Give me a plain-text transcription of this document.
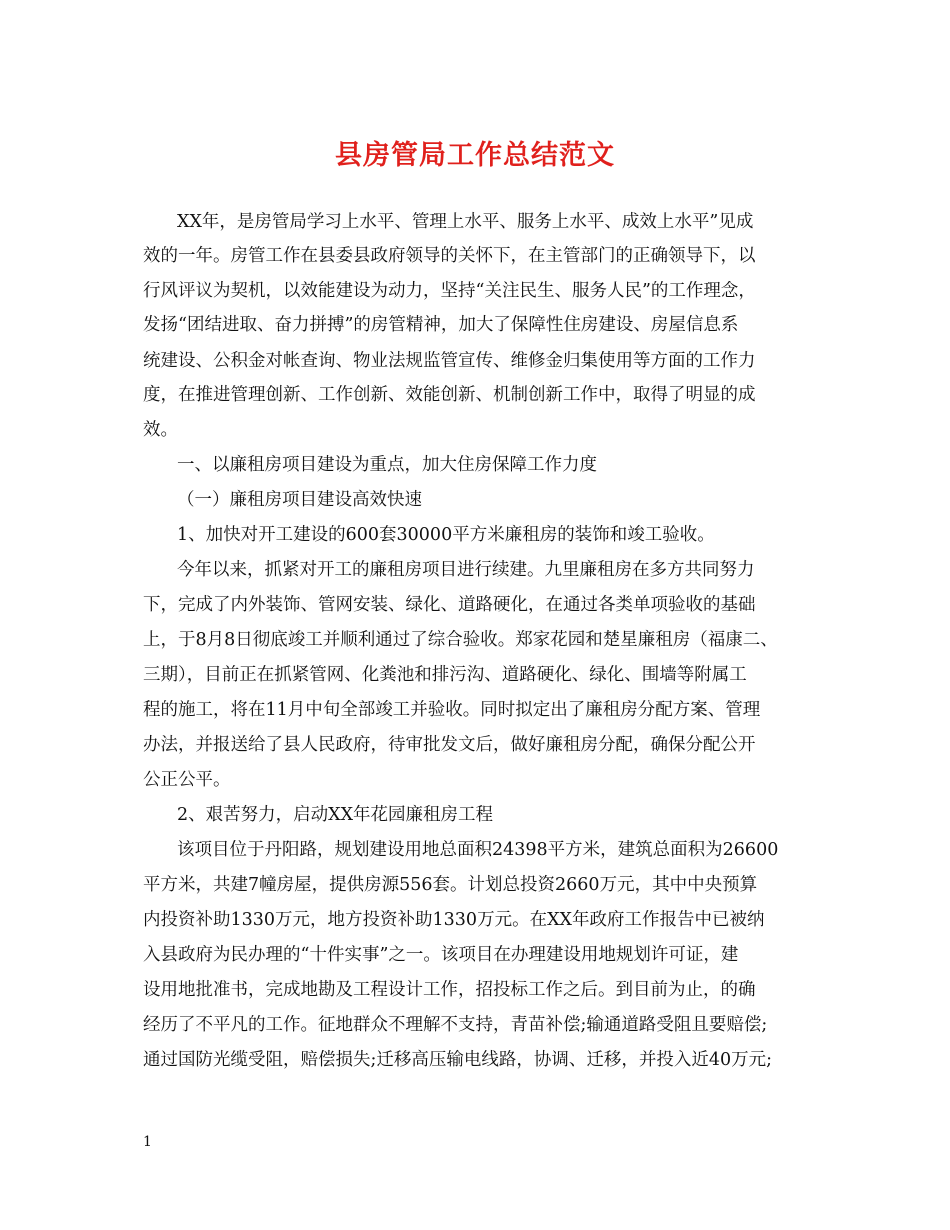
县房管局工作总结范文

XX年，是房管局学习上水平、管理上水平、服务上水平、成效上水平”见成

效的一年。房管工作在县委县政府领导的关怀下，在主管部门的正确领导下，以

行风评议为契机，以效能建设为动力，坚持“关注民生、服务人民”的工作理念，

发扬“团结进取、奋力拼搏”的房管精神，加大了保障性住房建设、房屋信息系

统建设、公积金对帐查询、物业法规监管宣传、维修金归集使用等方面的工作力

度，在推进管理创新、工作创新、效能创新、机制创新工作中，取得了明显的成

效。

一、以廉租房项目建设为重点，加大住房保障工作力度

（一）廉租房项目建设高效快速

1、加快对开工建设的600套30000平方米廉租房的装饰和竣工验收。

今年以来，抓紧对开工的廉租房项目进行续建。九里廉租房在多方共同努力

下，完成了内外装饰、管网安装、绿化、道路硬化，在通过各类单项验收的基础

上，于8月8日彻底竣工并顺利通过了综合验收。郑家花园和楚星廉租房（福康二、

三期），目前正在抓紧管网、化粪池和排污沟、道路硬化、绿化、围墙等附属工

程的施工，将在11月中旬全部竣工并验收。同时拟定出了廉租房分配方案、管理

办法，并报送给了县人民政府，待审批发文后，做好廉租房分配，确保分配公开

公正公平。

2、艰苦努力，启动XX年花园廉租房工程

该项目位于丹阳路，规划建设用地总面积24398平方米，建筑总面积为26600

平方米，共建7幢房屋，提供房源556套。计划总投资2660万元，其中中央预算

内投资补助1330万元，地方投资补助1330万元。在XX年政府工作报告中已被纳

入县政府为民办理的“十件实事”之一。该项目在办理建设用地规划许可证，建

设用地批准书，完成地勘及工程设计工作，招投标工作之后。到目前为止，的确

经历了不平凡的工作。征地群众不理解不支持，青苗补偿;输通道路受阻且要赔偿;

通过国防光缆受阻，赔偿损失;迁移高压输电线路，协调、迁移，并投入近40万元;

1
